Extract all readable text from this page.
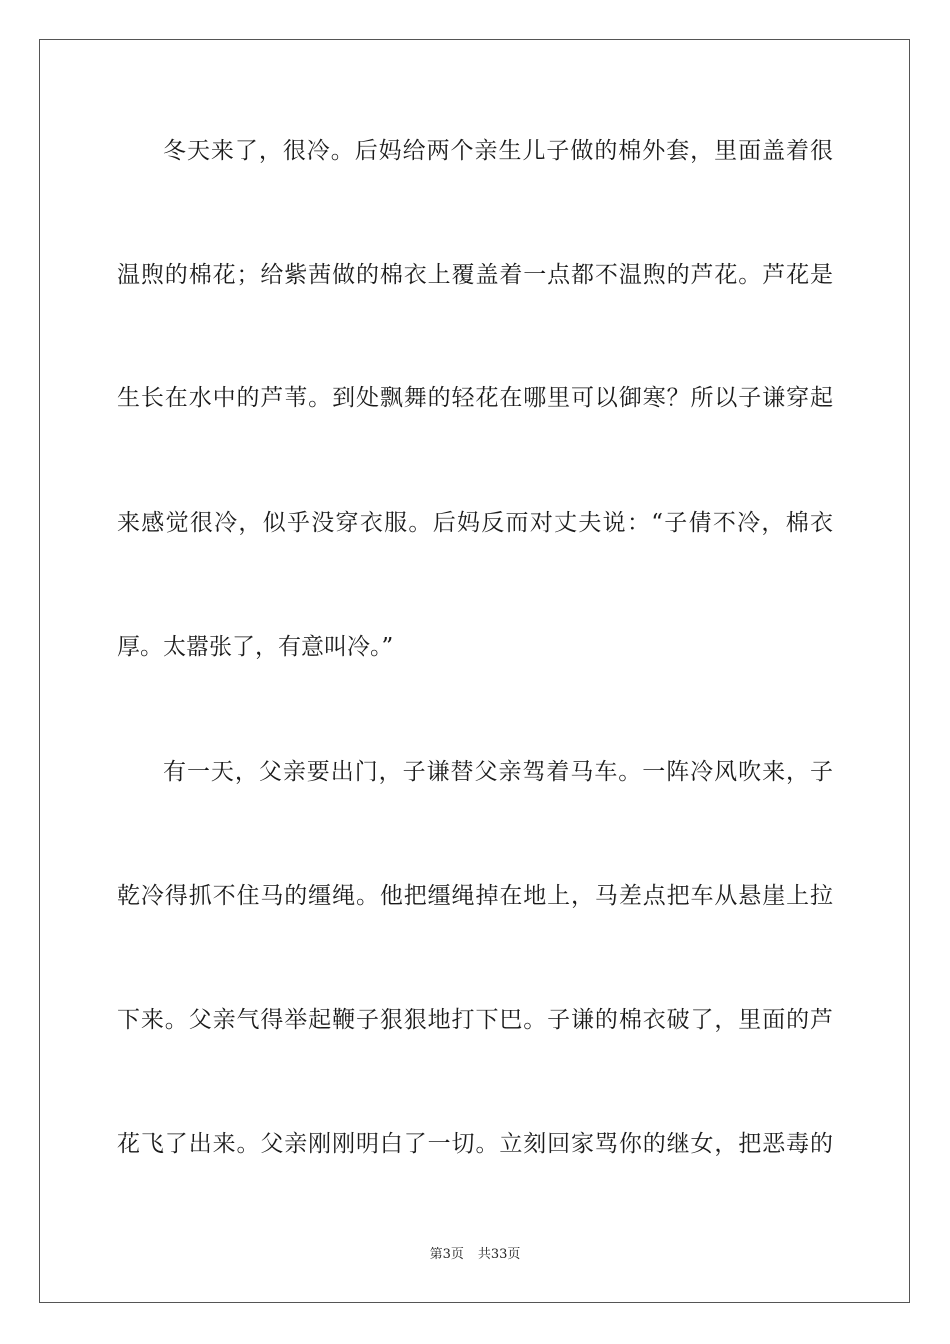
冬天来了，很冷。后妈给两个亲生儿子做的棉外套，里面盖着很
温煦的棉花；给紫茜做的棉衣上覆盖着一点都不温煦的芦花。芦花是
生长在水中的芦苇。到处飘舞的轻花在哪里可以御寒？所以子谦穿起
来感觉很冷，似乎没穿衣服。后妈反而对丈夫说：“子倩不冷，棉衣
厚。太嚣张了，有意叫冷。”
有一天，父亲要出门，子谦替父亲驾着马车。一阵冷风吹来，子
乾冷得抓不住马的缰绳。他把缰绳掉在地上，马差点把车从悬崖上拉
下来。父亲气得举起鞭子狠狠地打下巴。子谦的棉衣破了，里面的芦
花飞了出来。父亲刚刚明白了一切。立刻回家骂你的继女，把恶毒的
第3页 共33页
